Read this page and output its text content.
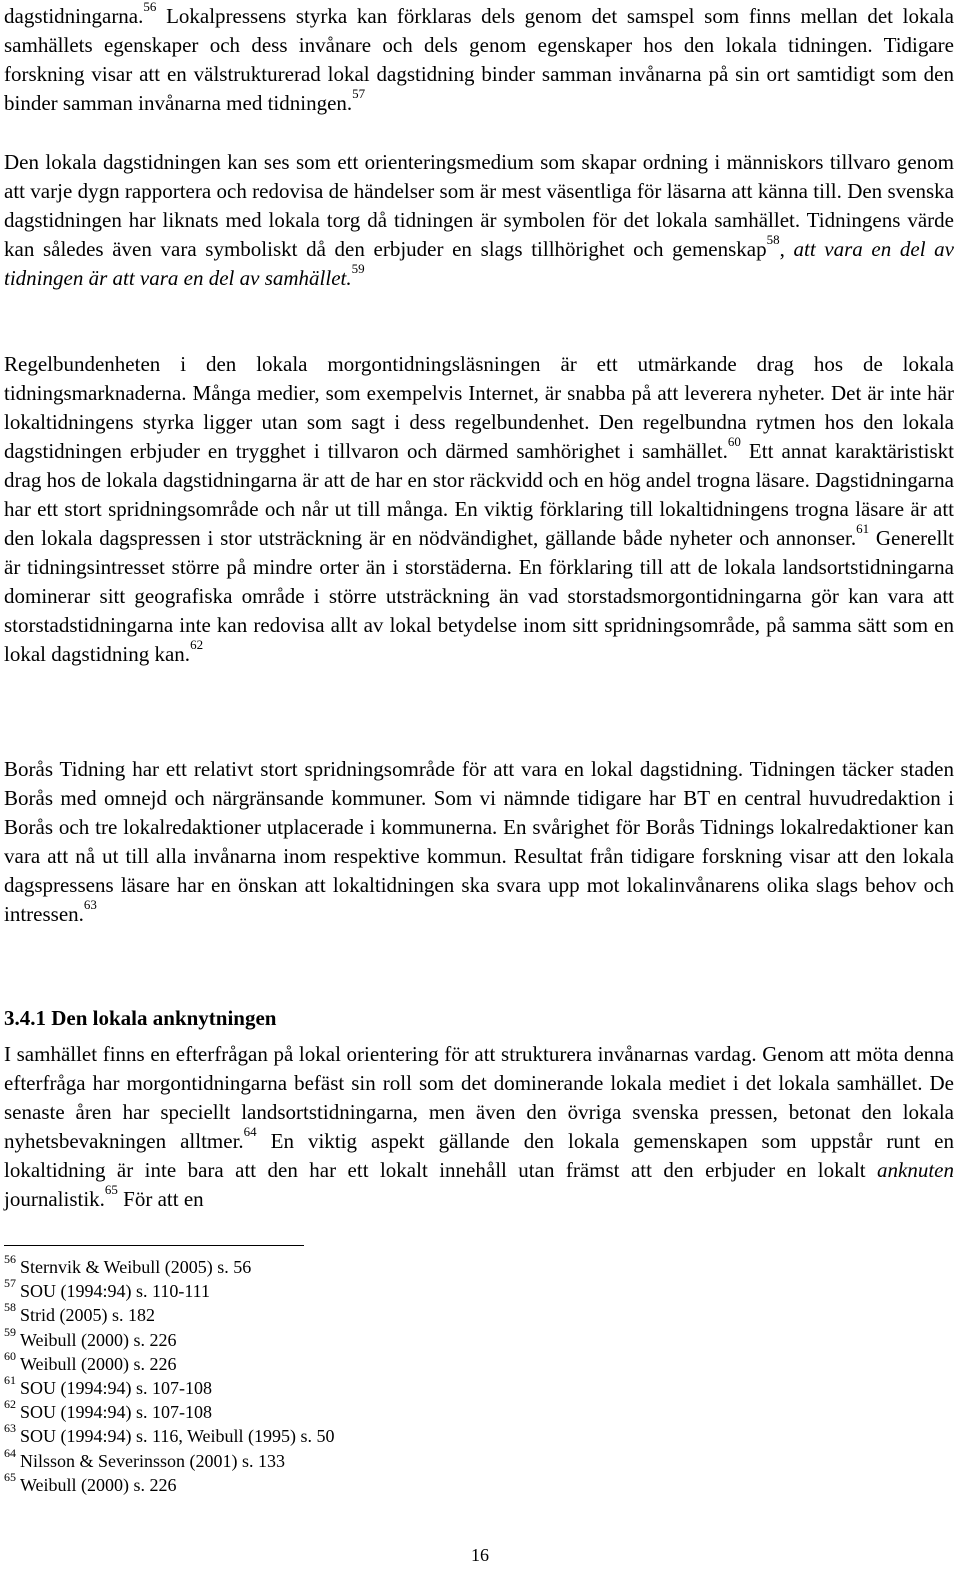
dagstidningarna.$^{56}$ Lokalpressens styrka kan förklaras dels genom det samspel som finns mellan det lokala samhällets egenskaper och dess invånare och dels genom egenskaper hos den lokala tidningen. Tidigare forskning visar att en välstrukturerad lokal dagstidning binder samman invånarna på sin ort samtidigt som den binder samman invånarna med tidningen.$^{57}$

Den lokala dagstidningen kan ses som ett orienteringsmedium som skapar ordning i människors tillvaro genom att varje dygn rapportera och redovisa de händelser som är mest väsentliga för läsarna att känna till. Den svenska dagstidningen har liknats med lokala torg då tidningen är symbolen för det lokala samhället. Tidningens värde kan således även vara symboliskt då den erbjuder en slags tillhörighet och gemenskap$^{58}$, att vara en del av tidningen är att vara en del av samhället.$^{59}$

Regelbundenheten i den lokala morgontidningsläsningen är ett utmärkande drag hos de lokala tidningsmarknaderna. Många medier, som exempelvis Internet, är snabba på att leverera nyheter. Det är inte här lokaltidningens styrka ligger utan som sagt i dess regelbundenhet. Den regelbundna rytmen hos den lokala dagstidningen erbjuder en trygghet i tillvaron och därmed samhörighet i samhället.$^{60}$ Ett annat karaktäristiskt drag hos de lokala dagstidningarna är att de har en stor räckvidd och en hög andel trogna läsare. Dagstidningarna har ett stort spridningsområde och når ut till många. En viktig förklaring till lokaltidningens trogna läsare är att den lokala dagspressen i stor utsträckning är en nödvändighet, gällande både nyheter och annonser.$^{61}$ Generellt är tidningsintresset större på mindre orter än i storstäderna. En förklaring till att de lokala landsortstidningarna dominerar sitt geografiska område i större utsträckning än vad storstadsmorgontidningarna gör kan vara att storstadstidningarna inte kan redovisa allt av lokal betydelse inom sitt spridningsområde, på samma sätt som en lokal dagstidning kan.$^{62}$

Borås Tidning har ett relativt stort spridningsområde för att vara en lokal dagstidning. Tidningen täcker staden Borås med omnejd och närgränsande kommuner. Som vi nämnde tidigare har BT en central huvudredaktion i Borås och tre lokalredaktioner utplacerade i kommunerna. En svårighet för Borås Tidnings lokalredaktioner kan vara att nå ut till alla invånarna inom respektive kommun. Resultat från tidigare forskning visar att den lokala dagspressens läsare har en önskan att lokaltidningen ska svara upp mot lokalinvånarens olika slags behov och intressen.$^{63}$

3.4.1 Den lokala anknytningen

I samhället finns en efterfrågan på lokal orientering för att strukturera invånarnas vardag. Genom att möta denna efterfråga har morgontidningarna befäst sin roll som det dominerande lokala mediet i det lokala samhället. De senaste åren har speciellt landsortstidningarna, men även den övriga svenska pressen, betonat den lokala nyhetsbevakningen alltmer.$^{64}$ En viktig aspekt gällande den lokala gemenskapen som uppstår runt en lokaltidning är inte bara att den har ett lokalt innehåll utan främst att den erbjuder en lokalt anknuten journalistik.$^{65}$ För att en

$^{56}$ Sternvik & Weibull (2005) s. 56
$^{57}$ SOU (1994:94) s. 110-111
$^{58}$ Strid (2005) s. 182
$^{59}$ Weibull (2000) s. 226
$^{60}$ Weibull (2000) s. 226
$^{61}$ SOU (1994:94) s. 107-108
$^{62}$ SOU (1994:94) s. 107-108
$^{63}$ SOU (1994:94) s. 116, Weibull (1995) s. 50
$^{64}$ Nilsson & Severinsson (2001) s. 133
$^{65}$ Weibull (2000) s. 226
16
